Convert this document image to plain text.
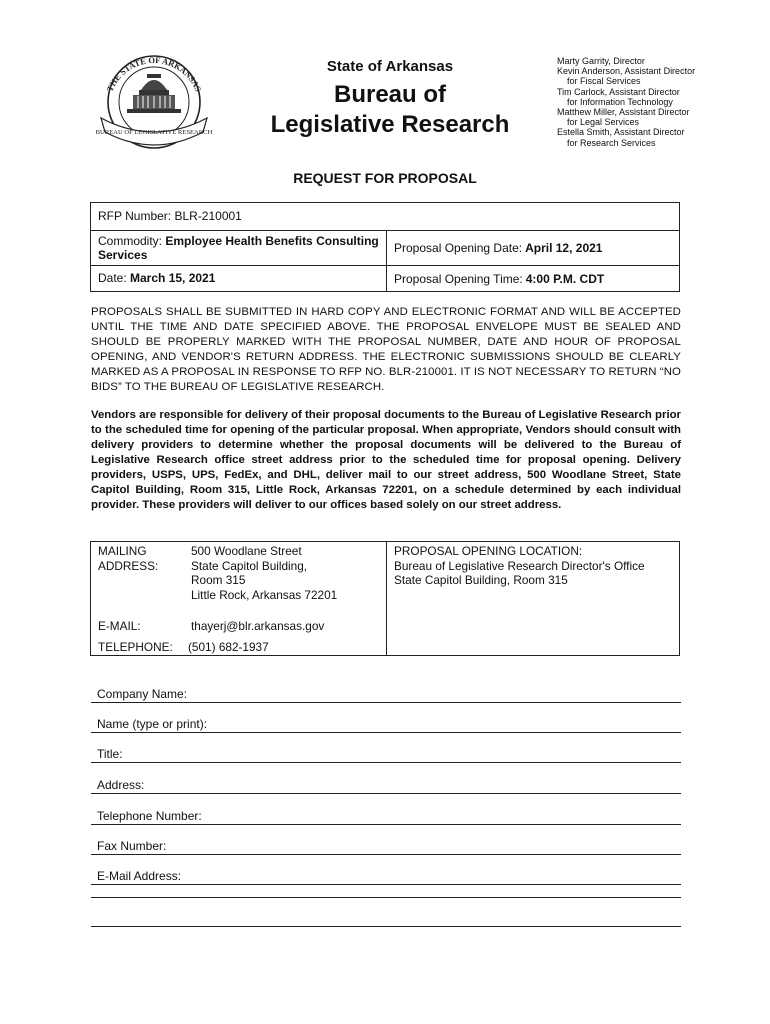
THE STATE OF ARKANSAS
BUREAU OF LEGISLATIVE RESEARCH
State of Arkansas
Bureau of
Legislative Research
Marty Garrity, Director
Kevin Anderson, Assistant Director
for Fiscal Services
Tim Carlock, Assistant Director
for Information Technology
Matthew Miller, Assistant Director
for Legal Services
Estella Smith, Assistant Director
for Research Services
REQUEST FOR PROPOSAL
RFP Number: BLR-210001
Commodity: Employee Health Benefits Consulting Services	Proposal Opening Date: April 12, 2021
Date: March 15, 2021	Proposal Opening Time: 4:00 P.M. CDT
PROPOSALS SHALL BE SUBMITTED IN HARD COPY AND ELECTRONIC FORMAT AND WILL BE ACCEPTED UNTIL THE TIME AND DATE SPECIFIED ABOVE. THE PROPOSAL ENVELOPE MUST BE SEALED AND SHOULD BE PROPERLY MARKED WITH THE PROPOSAL NUMBER, DATE AND HOUR OF PROPOSAL OPENING, AND VENDOR'S RETURN ADDRESS. THE ELECTRONIC SUBMISSIONS SHOULD BE CLEARLY MARKED AS A PROPOSAL IN RESPONSE TO RFP NO. BLR-210001. IT IS NOT NECESSARY TO RETURN “NO BIDS” TO THE BUREAU OF LEGISLATIVE RESEARCH.
Vendors are responsible for delivery of their proposal documents to the Bureau of Legislative Research prior to the scheduled time for opening of the particular proposal. When appropriate, Vendors should consult with delivery providers to determine whether the proposal documents will be delivered to the Bureau of Legislative Research office street address prior to the scheduled time for proposal opening. Delivery providers, USPS, UPS, FedEx, and DHL, deliver mail to our street address, 500 Woodlane Street, State Capitol Building, Room 315, Little Rock, Arkansas 72201, on a schedule determined by each individual provider. These providers will deliver to our offices based solely on our street address.
MAILING
ADDRESS:
500 Woodlane Street
State Capitol Building,
Room 315
Little Rock, Arkansas 72201
E-MAIL:	thayerj@blr.arkansas.gov
TELEPHONE: (501) 682-1937
PROPOSAL OPENING LOCATION:
Bureau of Legislative Research Director's Office
State Capitol Building, Room 315
Company Name:
Name (type or print):
Title:
Address:
Telephone Number:
Fax Number:
E-Mail Address:
